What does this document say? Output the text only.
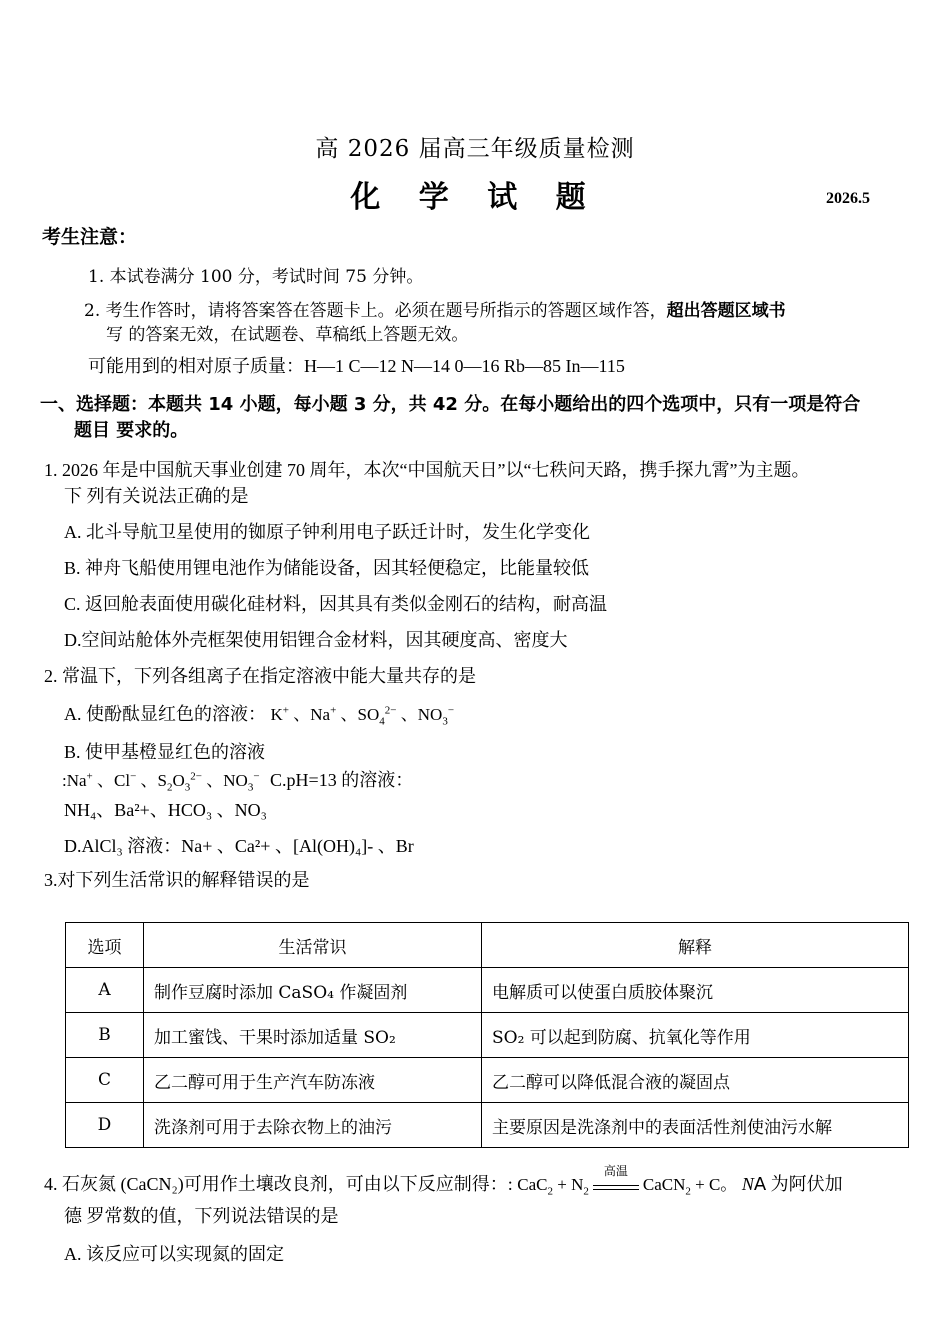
高 2026 届高三年级质量检测
化 学 试 题	2026.5
考生注意：
1. 本试卷满分 100 分，考试时间 75 分钟。
2. 考生作答时，请将答案答在答题卡上。必须在题号所指示的答题区域作答，超出答题区域书
写 的答案无效，在试题卷、草稿纸上答题无效。
可能用到的相对原子质量：H—1 C—12 N—14 0—16 Rb—85 In—115
一、选择题：本题共 14 小题，每小题 3 分，共 42 分。在每小题给出的四个选项中，只有一项是符合
题目 要求的。
1. 2026 年是中国航天事业创建 70 周年，本次“中国航天日”以“七秩问天路，携手探九霄”为主题。
下 列有关说法正确的是
A. 北斗导航卫星使用的铷原子钟利用电子跃迁计时，发生化学变化
B. 神舟飞船使用锂电池作为储能设备，因其轻便稳定，比能量较低
C. 返回舱表面使用碳化硅材料，因其具有类似金刚石的结构，耐高温
D.空间站舱体外壳框架使用铝锂合金材料，因其硬度高、密度大
2. 常温下，下列各组离子在指定溶液中能大量共存的是
A. 使酚酞显红色的溶液： K+ 、Na+ 、$SO_4^{2-}$ 、$NO_3^-$
B. 使甲基橙显红色的溶液
:Na+ 、Cl− 、$S_2O_3^{2-}$ 、$NO_3^-$ C.pH=13 的溶液：
NH₄、Ba²+、HCO₃ 、NO₃
D.AlCl₃ 溶液：Na+ 、Ca²+ 、[Al(OH)₄]- 、Br
3.对下列生活常识的解释错误的是
选项	生活常识	解释
A	制作豆腐时添加 CaSO₄ 作凝固剂	电解质可以使蛋白质胶体聚沉
B	加工蜜饯、干果时添加适量 SO₂	SO₂ 可以起到防腐、抗氧化等作用
C	乙二醇可用于生产汽车防冻液	乙二醇可以降低混合液的凝固点
D	洗涤剂可用于去除衣物上的油污	主要原因是洗涤剂中的表面活性剂使油污水解
4. 石灰氮 (CaCN₂)可用作土壤改良剂，可由以下反应制得：: $CaC_2 + N_2$
高温
CaCN$_2$ + C。 NA 为阿伏加
德 罗常数的值，下列说法错误的是
A. 该反应可以实现氮的固定
